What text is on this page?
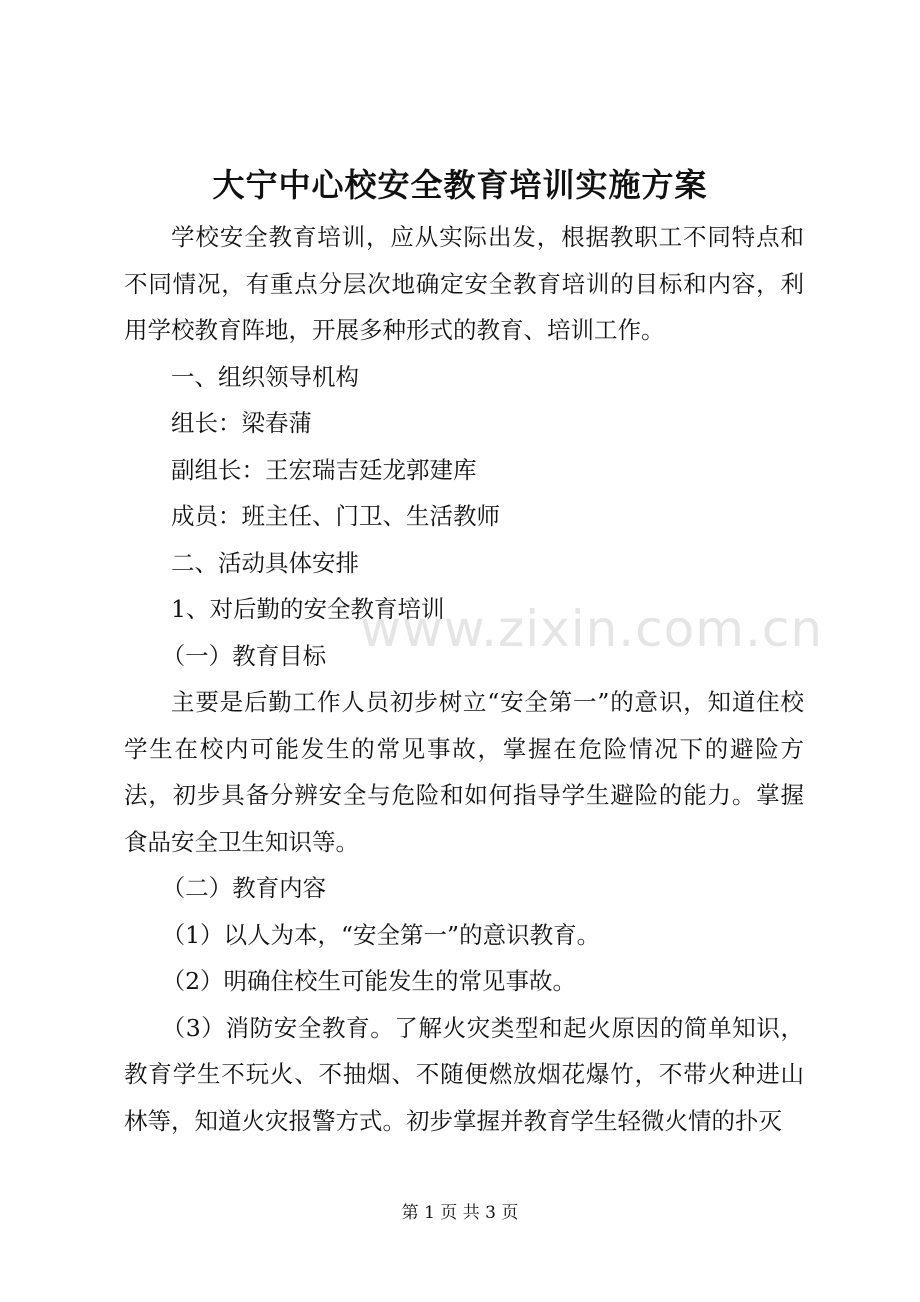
大宁中心校安全教育培训实施方案

学校安全教育培训，应从实际出发，根据教职工不同特点和不同情况，有重点分层次地确定安全教育培训的目标和内容，利用学校教育阵地，开展多种形式的教育、培训工作。

一、组织领导机构

组长：梁春蒲

副组长：王宏瑞吉廷龙郭建库

成员：班主任、门卫、生活教师

二、活动具体安排

1、对后勤的安全教育培训

（一）教育目标

主要是后勤工作人员初步树立“安全第一”的意识，知道住校学生在校内可能发生的常见事故，掌握在危险情况下的避险方法，初步具备分辨安全与危险和如何指导学生避险的能力。掌握食品安全卫生知识等。

（二）教育内容

（1）以人为本，“安全第一”的意识教育。

（2）明确住校生可能发生的常见事故。

（3）消防安全教育。了解火灾类型和起火原因的简单知识，教育学生不玩火、不抽烟、不随便燃放烟花爆竹，不带火种进山林等，知道火灾报警方式。初步掌握并教育学生轻微火情的扑灭

www.zixin.com.cn
第 1 页 共 3 页
